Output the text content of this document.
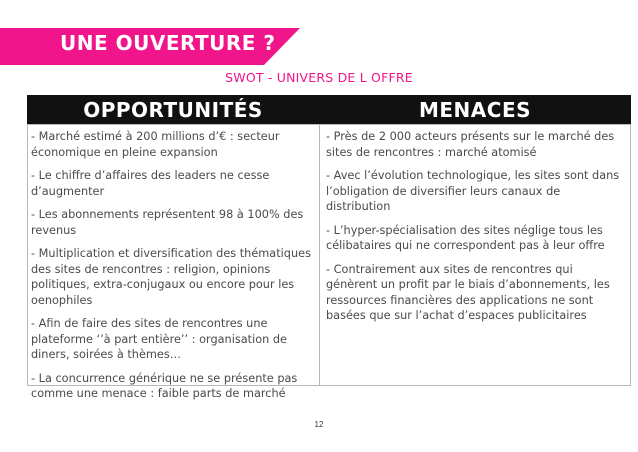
UNE OUVERTURE ?
SWOT - UNIVERS DE L OFFRE
OPPORTUNITÉS	MENACES
- Marché estimé à 200 millions d’€ : secteur économique en pleine expansion
- Le chiffre d’affaires des leaders ne cesse d’augmenter
- Les abonnements représentent 98 à 100% des revenus
- Multiplication et diversification des thématiques des sites de rencontres : religion, opinions politiques, extra-conjugaux ou encore pour les oenophiles
- Afin de faire des sites de rencontres une plateforme ‘’à part entière’’ : organisation de diners, soirées à thèmes…
- La concurrence générique ne se présente pas comme une menace : faible parts de marché
- Près de 2 000 acteurs présents sur le marché des sites de rencontres : marché atomisé
- Avec l’évolution technologique, les sites sont dans l’obligation de diversifier leurs canaux de distribution
- L’hyper-spécialisation des sites néglige tous les célibataires qui ne correspondent pas à leur offre
- Contrairement aux sites de rencontres qui génèrent un profit par le biais d’abonnements, les ressources financières des applications ne sont basées que sur l’achat d’espaces publicitaires
12
